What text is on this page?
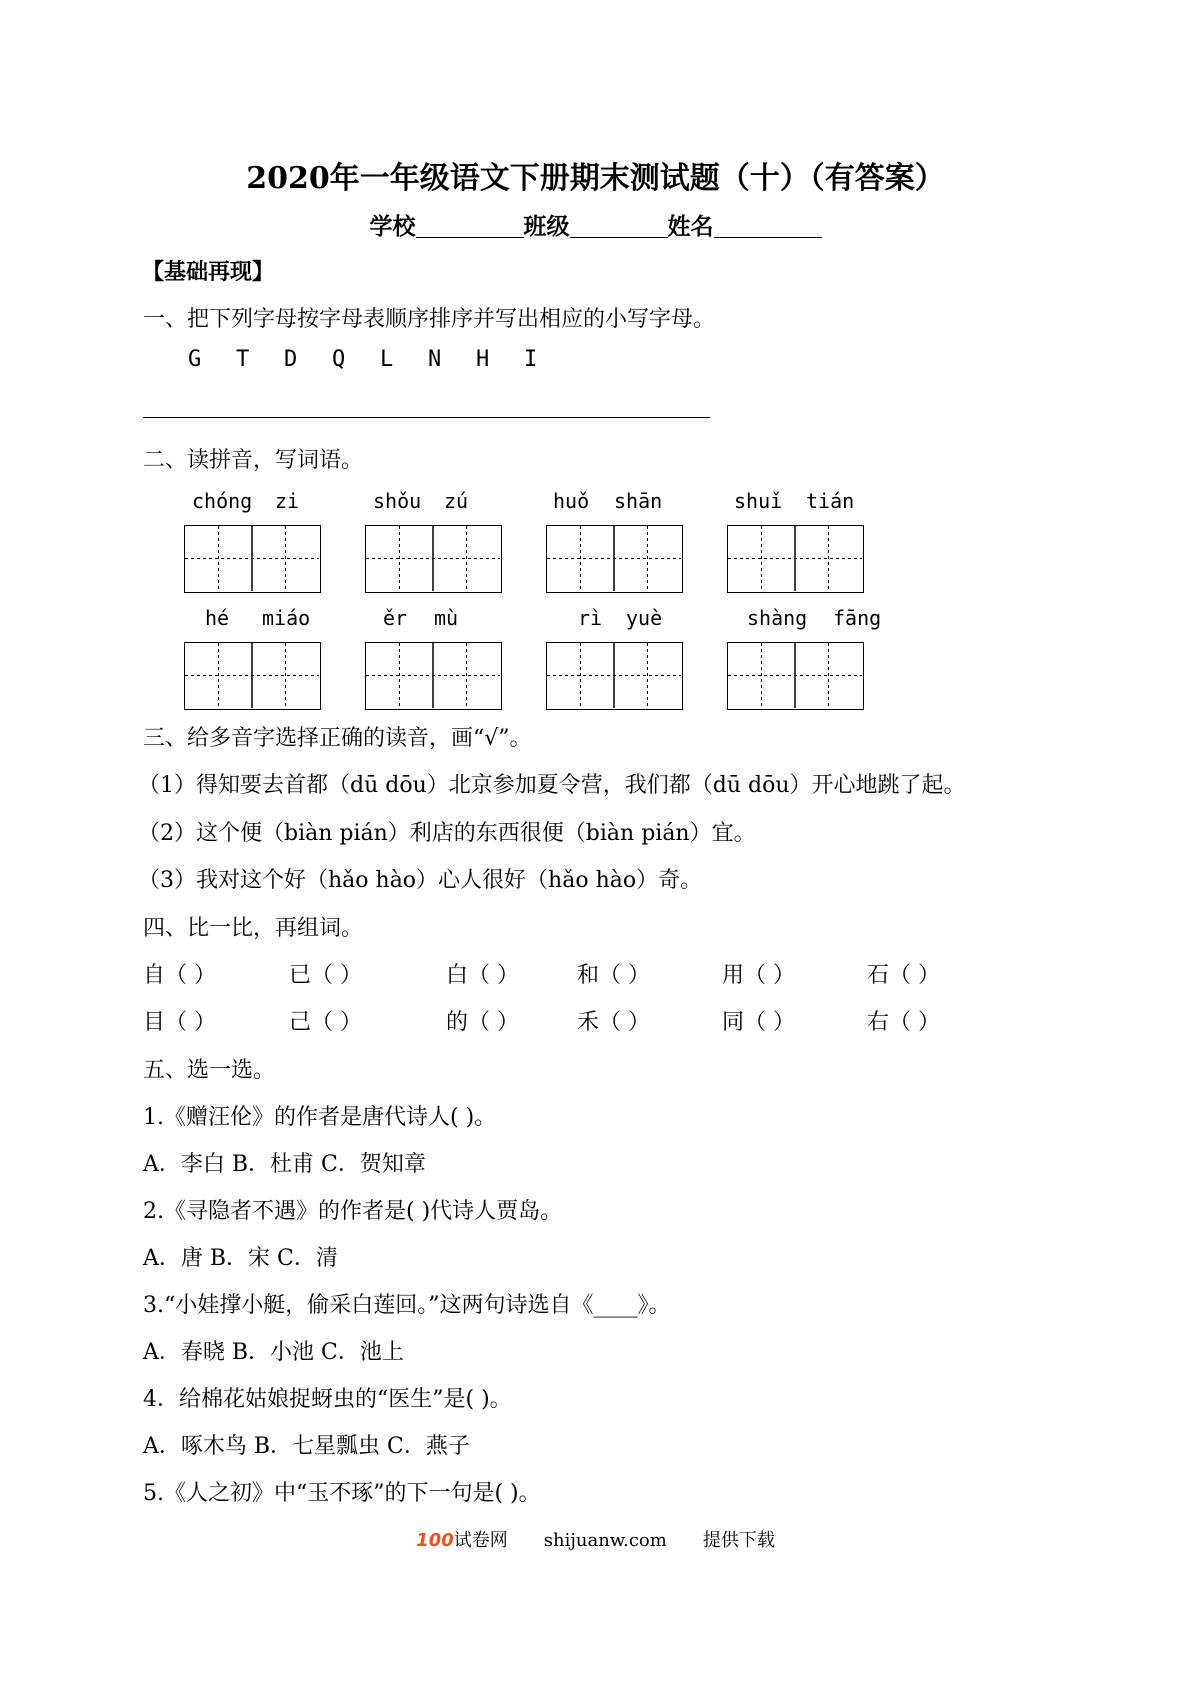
2020年一年级语文下册期末测试题（十）（有答案）
学校	班级	姓名
【基础再现】
一、把下列字母按字母表顺序排序并写出相应的小写字母。
G T D Q L N H I
二、读拼音，写词语。
chóng zi	shǒu zú	huǒ shān	shuǐ tián
hé miáo	ěr mù	rì yuè	shàng fāng
三、给多音字选择正确的读音，画“√”。
（1）得知要去首都（dū dōu）北京参加夏令营，我们都（dū dōu）开心地跳了起。
（2）这个便（biàn pián）利店的东西很便（biàn pián）宜。
（3）我对这个好（hǎo hào）心人很好（hǎo hào）奇。
四、比一比，再组词。
自（ ）	已（ ）	白（ ）	和（ ）	用（ ）	石（ ）
目（ ）	己（ ）	的（ ）	禾（ ）	同（ ）	右（ ）
五、选一选。
1.《赠汪伦》的作者是唐代诗人( )。
A．李白 B．杜甫 C．贺知章
2.《寻隐者不遇》的作者是( )代诗人贾岛。
A．唐 B．宋 C．清
3.“小娃撑小艇，偷采白莲回。”这两句诗选自《____》。
A．春晓 B．小池 C．池上
4．给棉花姑娘捉蚜虫的“医生”是( )。
A．啄木鸟 B．七星瓢虫 C．燕子
5.《人之初》中“玉不琢”的下一句是( )。
100试卷网 shijuanw.com 提供下载
